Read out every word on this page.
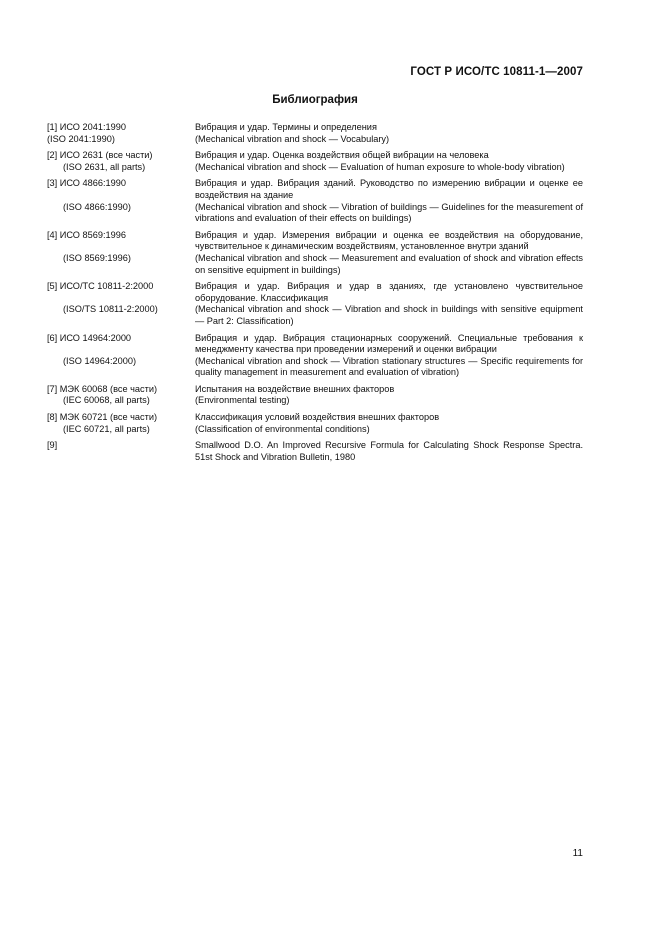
ГОСТ Р ИСО/ТС 10811-1—2007
Библиография
[1] ИСО 2041:1990
(ISO 2041:1990)
Вибрация и удар. Термины и определения
(Mechanical vibration and shock — Vocabulary)
[2] ИСО 2631 (все части)
(ISO 2631, all parts)
Вибрация и удар. Оценка воздействия общей вибрации на человека
(Mechanical vibration and shock — Evaluation of human exposure to whole-body vibration)
[3] ИСО 4866:1990
(ISO 4866:1990)
Вибрация и удар. Вибрация зданий. Руководство по измерению вибрации и оценке ее воздействия на здание
(Mechanical vibration and shock — Vibration of buildings — Guidelines for the measurement of vibrations and evaluation of their effects on buildings)
[4] ИСО 8569:1996
(ISO 8569:1996)
Вибрация и удар. Измерения вибрации и оценка ее воздействия на оборудование, чувствительное к динамическим воздействиям, установленное внутри зданий
(Mechanical vibration and shock — Measurement and evaluation of shock and vibration effects on sensitive equipment in buildings)
[5] ИСО/ТС 10811-2:2000
(ISO/TS 10811-2:2000)
Вибрация и удар. Вибрация и удар в зданиях, где установлено чувствительное оборудование. Классификация
(Mechanical vibration and shock — Vibration and shock in buildings with sensitive equipment — Part 2: Classification)
[6] ИСО 14964:2000
(ISO 14964:2000)
Вибрация и удар. Вибрация стационарных сооружений. Специальные требования к менеджменту качества при проведении измерений и оценки вибрации
(Mechanical vibration and shock — Vibration stationary structures — Specific requirements for quality management in measurement and evaluation of vibration)
[7] МЭК 60068 (все части)
(IEC 60068, all parts)
Испытания на воздействие внешних факторов
(Environmental testing)
[8] МЭК 60721 (все части)
(IEC 60721, all parts)
Классификация условий воздействия внешних факторов
(Classification of environmental conditions)
[9]	Smallwood D.O. An Improved Recursive Formula for Calculating Shock Response Spectra. 51st Shock and Vibration Bulletin, 1980
11
